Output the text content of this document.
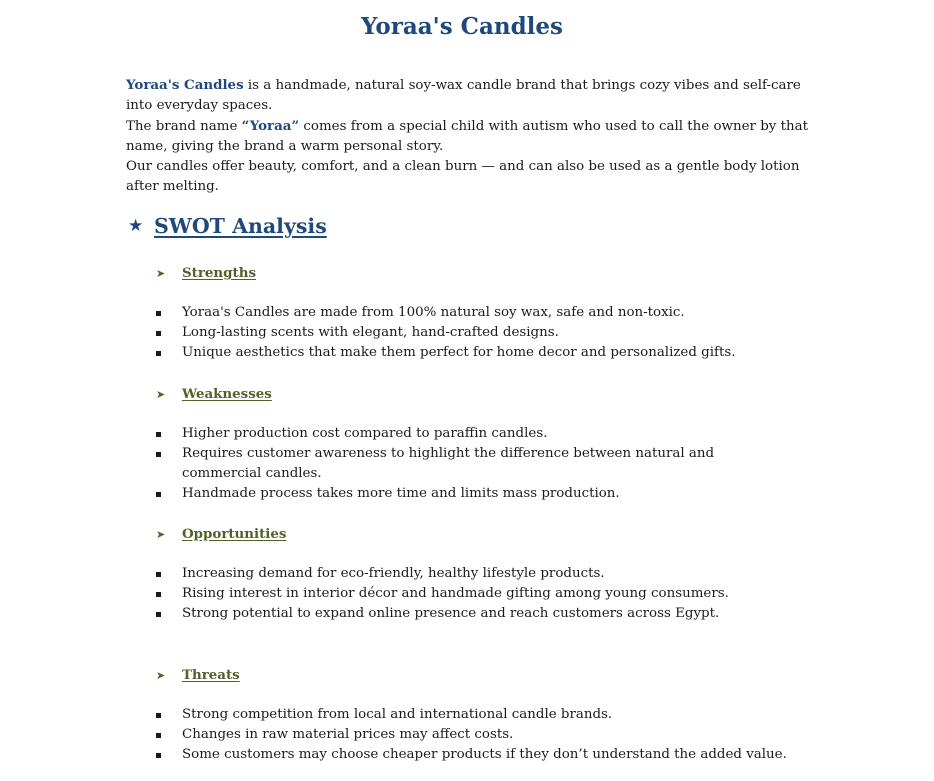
Yoraa's Candles

Yoraa's Candles is a handmade, natural soy-wax candle brand that brings cozy vibes and self-care into everyday spaces.

The brand name “Yoraa” comes from a special child with autism who used to call the owner by that name, giving the brand a warm personal story.

Our candles offer beauty, comfort, and a clean burn — and can also be used as a gentle body lotion after melting.

★ SWOT Analysis
➤	Strengths
Yoraa's Candles are made from 100% natural soy wax, safe and non-toxic.
Long-lasting scents with elegant, hand-crafted designs.
Unique aesthetics that make them perfect for home decor and personalized gifts.
➤	Weaknesses
Higher production cost compared to paraffin candles.
Requires customer awareness to highlight the difference between natural and commercial candles.
Handmade process takes more time and limits mass production.
➤	Opportunities
Increasing demand for eco-friendly, healthy lifestyle products.
Rising interest in interior décor and handmade gifting among young consumers.
Strong potential to expand online presence and reach customers across Egypt.
➤	Threats
Strong competition from local and international candle brands.
Changes in raw material prices may affect costs.
Some customers may choose cheaper products if they don’t understand the added value.
